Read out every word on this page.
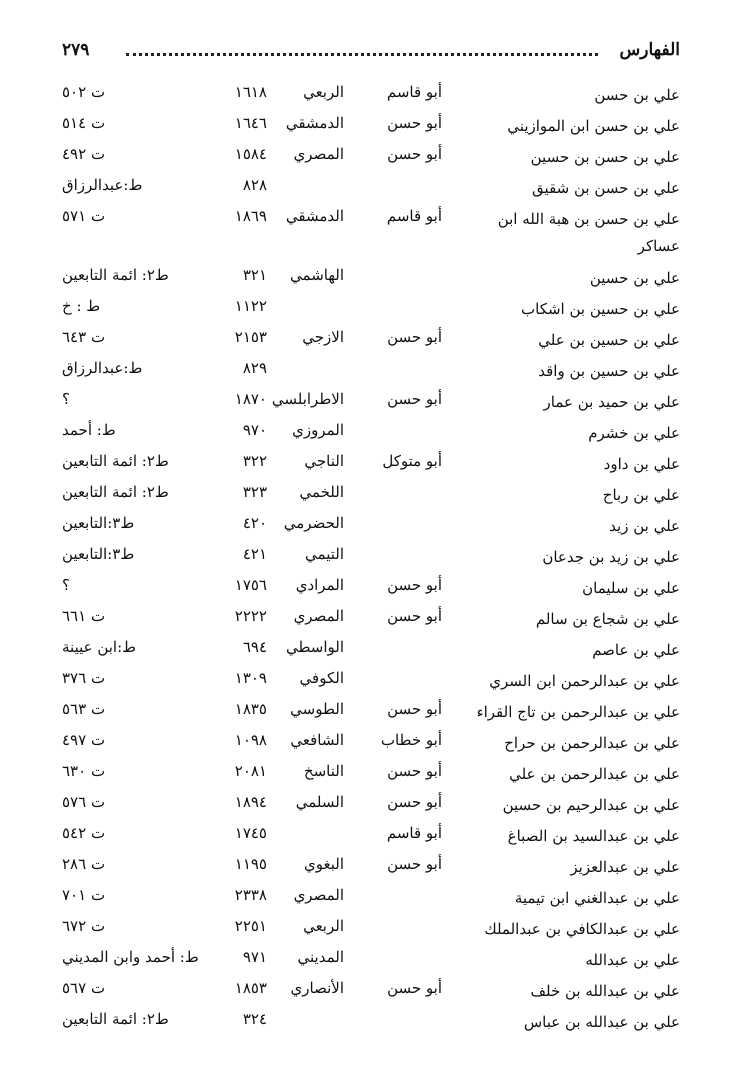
الفهارس
٢٧٩
علي بن حسن
أبو قاسم
الربعي
١٦١٨
ت ٥٠٢
علي بن حسن ابن الموازيني
أبو حسن
الدمشقي
١٦٤٦
ت ٥١٤
علي بن حسن بن حسين
أبو حسن
المصري
١٥٨٤
ت ٤٩٢
علي بن حسن بن شقيق
٨٢٨
ط:عبدالرزاق
علي بن حسن بن هبة الله ابن
أبو قاسم
الدمشقي
١٨٦٩
ت ٥٧١
عساكر
علي بن حسين
الهاشمي
٣٢١
ط٢: ائمة التابعين
علي بن حسين بن اشكاب
١١٢٢
ط : خ
علي بن حسين بن علي
أبو حسن
الازجي
٢١٥٣
ت ٦٤٣
علي بن حسين بن واقد
٨٢٩
ط:عبدالرزاق
علي بن حميد بن عمار
أبو حسن
الاطرابلسي
١٨٧٠
؟
علي بن خشرم
المروزي
٩٧٠
ط: أحمد
علي بن داود
أبو متوكل
الناجي
٣٢٢
ط٢: ائمة التابعين
علي بن رباح
اللخمي
٣٢٣
ط٢: ائمة التابعين
علي بن زيد
الحضرمي
٤٢٠
ط٣:التابعين
علي بن زيد بن جدعان
التيمي
٤٢١
ط٣:التابعين
علي بن سليمان
أبو حسن
المرادي
١٧٥٦
؟
علي بن شجاع بن سالم
أبو حسن
المصري
٢٢٢٢
ت ٦٦١
علي بن عاصم
الواسطي
٦٩٤
ط:ابن عيينة
علي بن عبدالرحمن ابن السري
الكوفي
١٣٠٩
ت ٣٧٦
علي بن عبدالرحمن بن تاج القراء
أبو حسن
الطوسي
١٨٣٥
ت ٥٦٣
علي بن عبدالرحمن بن حراح
أبو خطاب
الشافعي
١٠٩٨
ت ٤٩٧
علي بن عبدالرحمن بن علي
أبو حسن
الناسخ
٢٠٨١
ت ٦٣٠
علي بن عبدالرحيم بن حسين
أبو حسن
السلمي
١٨٩٤
ت ٥٧٦
علي بن عبدالسيد بن الصباغ
أبو قاسم
١٧٤٥
ت ٥٤٢
علي بن عبدالعزيز
أبو حسن
البغوي
١١٩٥
ت ٢٨٦
علي بن عبدالغني ابن تيمية
المصري
٢٣٣٨
ت ٧٠١
علي بن عبدالكافي بن عبدالملك
الربعي
٢٢٥١
ت ٦٧٢
علي بن عبدالله
المديني
٩٧١
ط: أحمد وابن المديني
علي بن عبدالله بن خلف
أبو حسن
الأنصاري
١٨٥٣
ت ٥٦٧
علي بن عبدالله بن عباس
٣٢٤
ط٢: ائمة التابعين
